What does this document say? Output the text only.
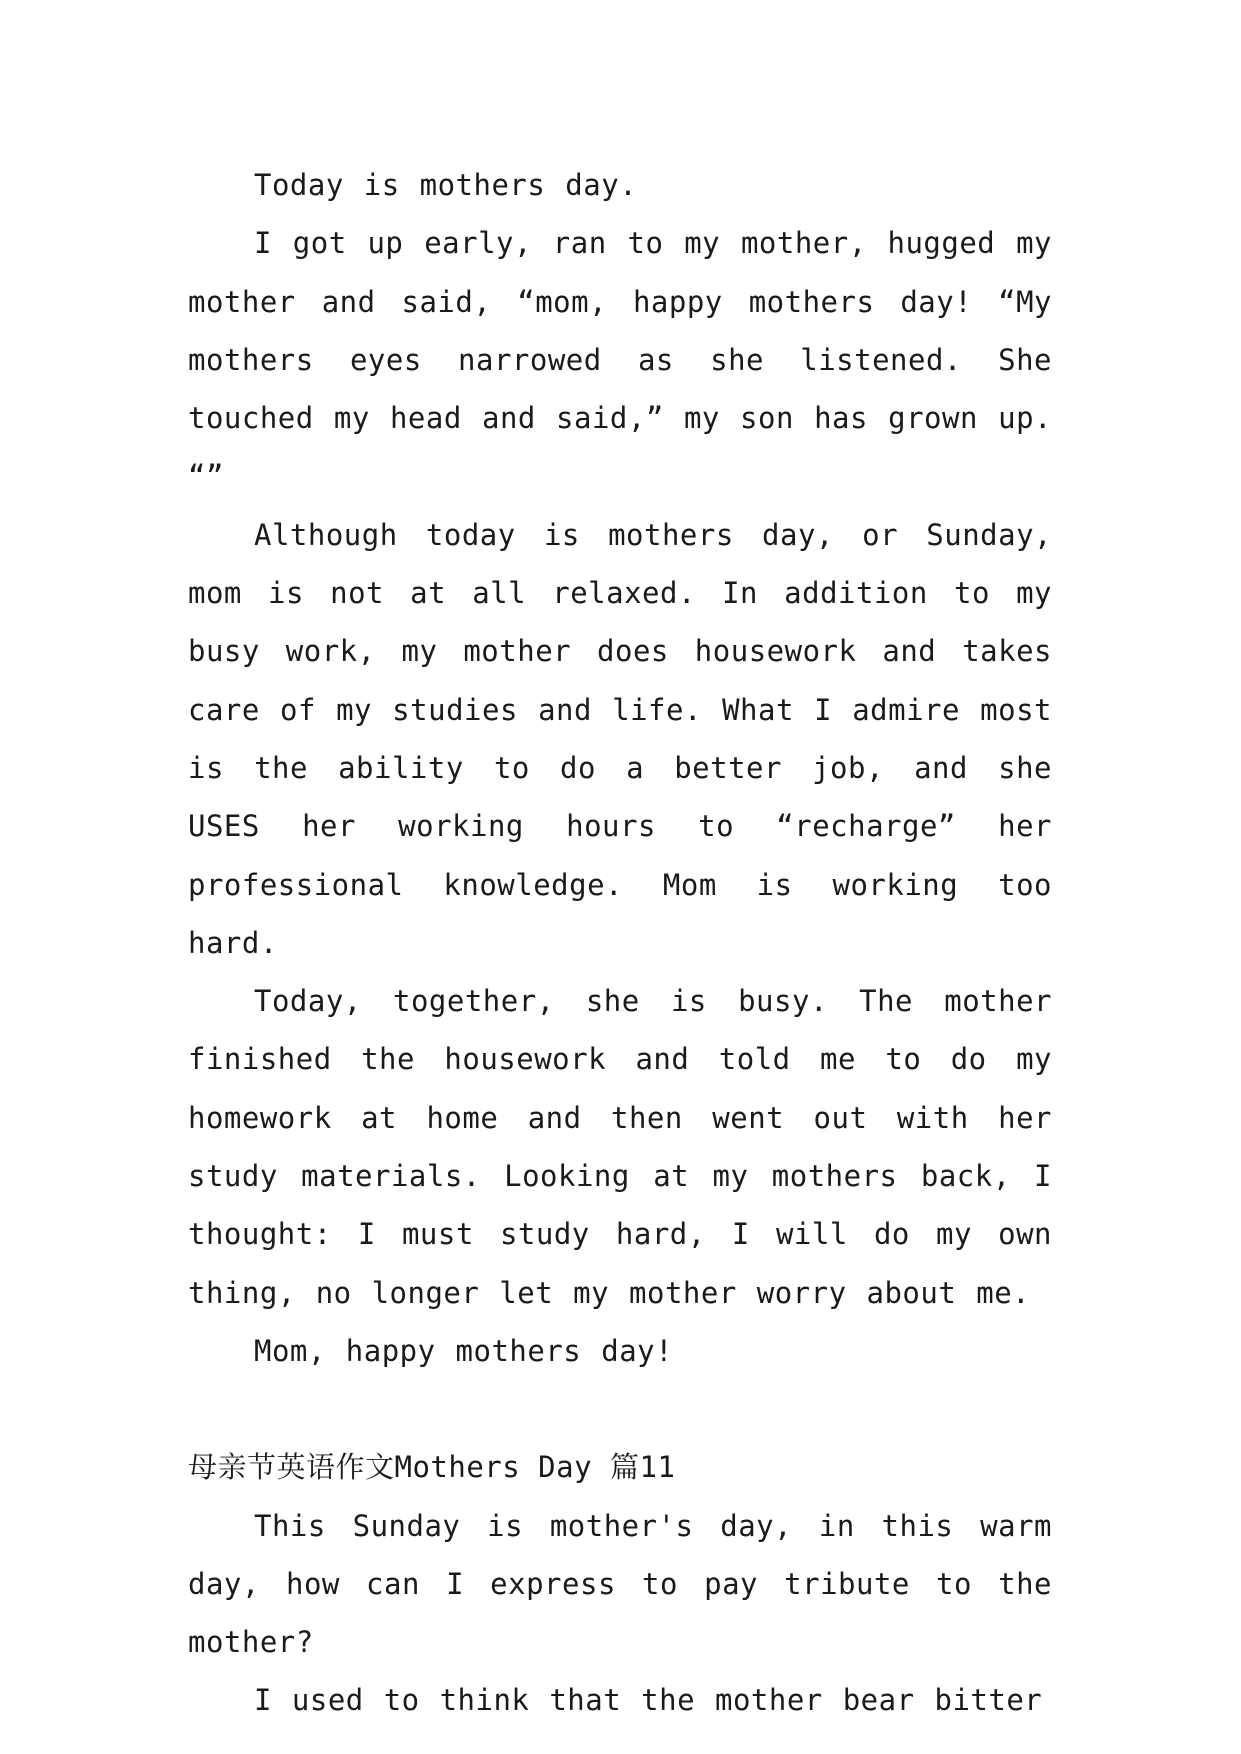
Today is mothers day.

I got up early, ran to my mother, hugged my mother and said, “mom, happy mothers day! “My mothers eyes narrowed as she listened. She touched my head and said,” my son has grown up. “”

Although today is mothers day, or Sunday, mom is not at all relaxed. In addition to my busy work, my mother does housework and takes care of my studies and life. What I admire most is the ability to do a better job, and she USES her working hours to “recharge” her professional knowledge. Mom is working too hard.

Today, together, she is busy. The mother finished the housework and told me to do my homework at home and then went out with her study materials. Looking at my mothers back, I thought: I must study hard, I will do my own thing, no longer let my mother worry about me.

Mom, happy mothers day!

母亲节英语作文Mothers Day 篇11

This Sunday is mother's day, in this warm day, how can I express to pay tribute to the mother?

I used to think that the mother bear bitter
